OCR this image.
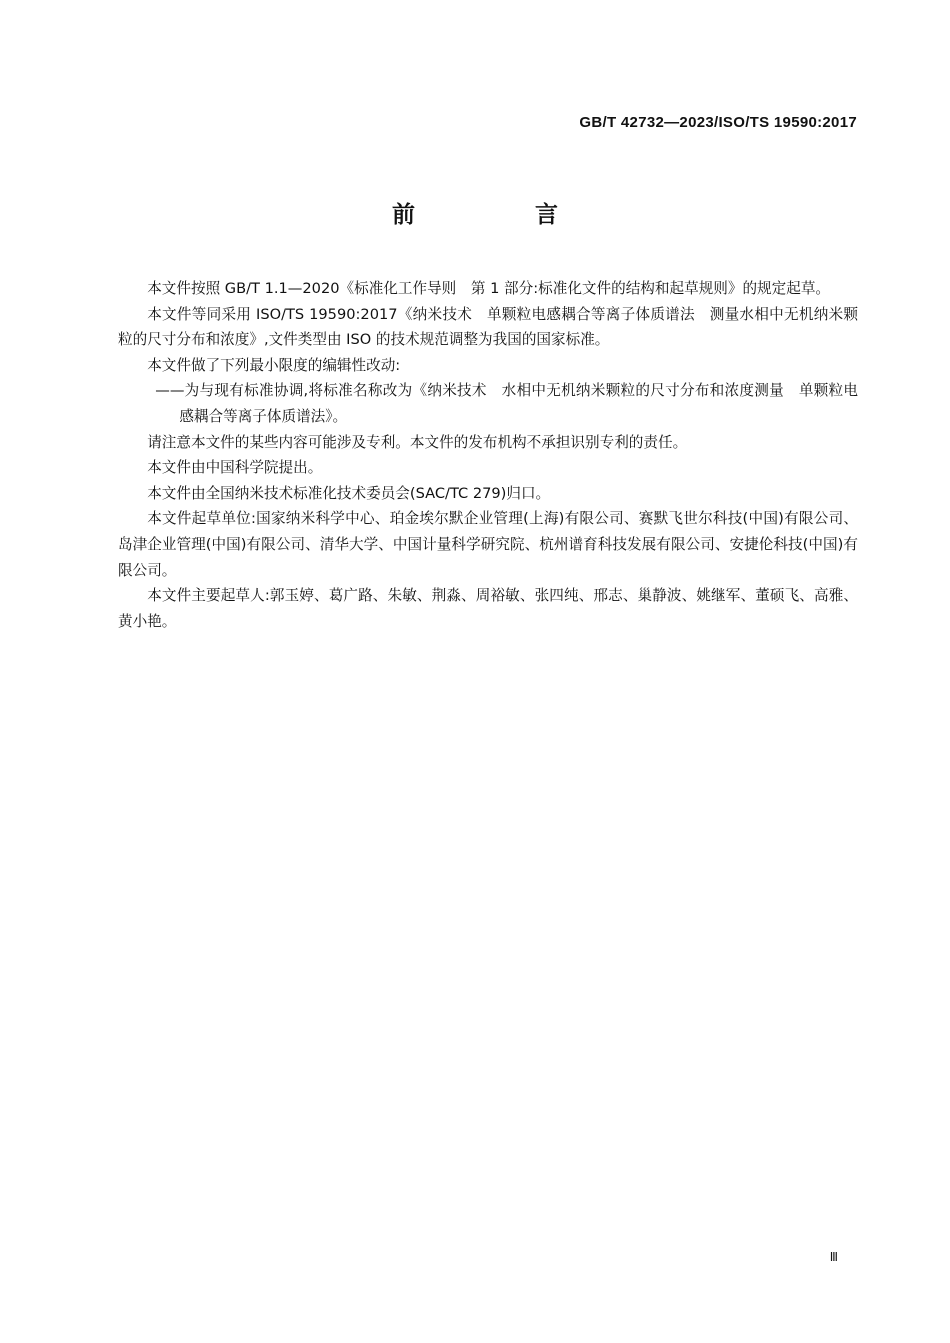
GB/T 42732—2023/ISO/TS 19590:2017
前 言

本文件按照 GB/T 1.1—2020《标准化工作导则　第 1 部分:标准化文件的结构和起草规则》的规定起草。

本文件等同采用 ISO/TS 19590:2017《纳米技术　单颗粒电感耦合等离子体质谱法　测量水相中无机纳米颗粒的尺寸分布和浓度》,文件类型由 ISO 的技术规范调整为我国的国家标准。

本文件做了下列最小限度的编辑性改动:

——为与现有标准协调,将标准名称改为《纳米技术　水相中无机纳米颗粒的尺寸分布和浓度测量　单颗粒电感耦合等离子体质谱法》。

请注意本文件的某些内容可能涉及专利。本文件的发布机构不承担识别专利的责任。

本文件由中国科学院提出。

本文件由全国纳米技术标准化技术委员会(SAC/TC 279)归口。

本文件起草单位:国家纳米科学中心、珀金埃尔默企业管理(上海)有限公司、赛默飞世尔科技(中国)有限公司、岛津企业管理(中国)有限公司、清华大学、中国计量科学研究院、杭州谱育科技发展有限公司、安捷伦科技(中国)有限公司。

本文件主要起草人:郭玉婷、葛广路、朱敏、荆淼、周裕敏、张四纯、邢志、巢静波、姚继军、董硕飞、高雅、黄小艳。

Ⅲ
